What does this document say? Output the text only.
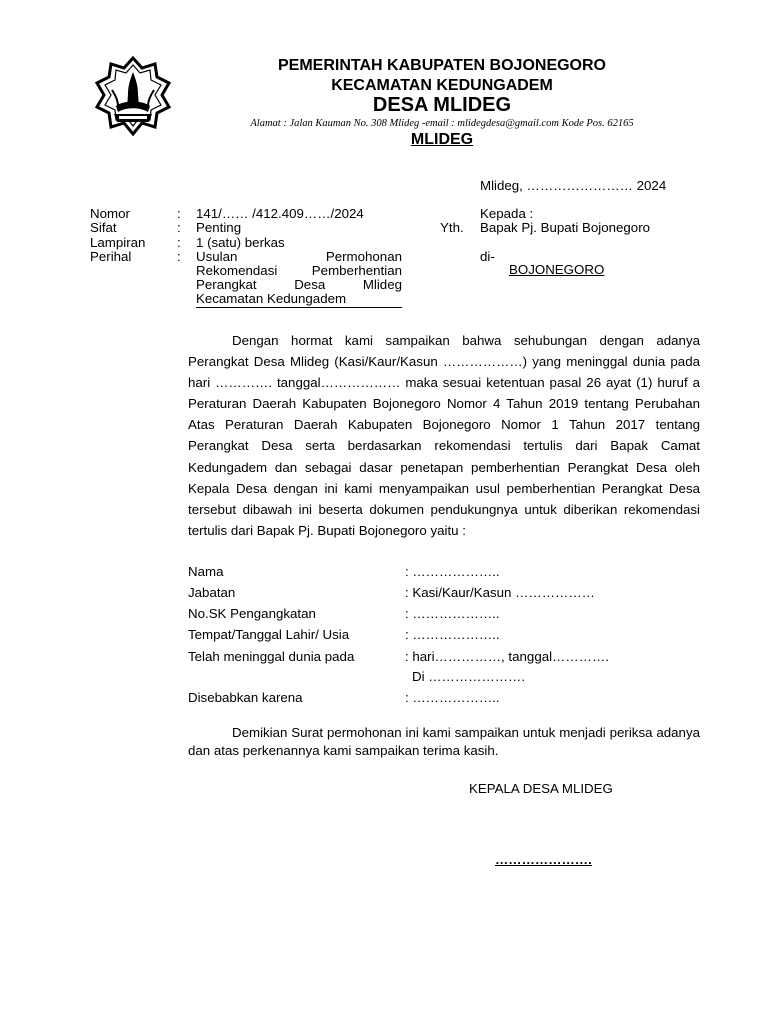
PEMERINTAH KABUPATEN BOJONEGORO
KECAMATAN KEDUNGADEM
DESA MLIDEG
Alamat : Jalan Kauman No. 308 Mlideg -email : mlidegdesa@gmail.com Kode Pos. 62165
MLIDEG
Mlideg, …………………… 2024
Nomor	: 141/…… /412.409……/2024
Sifat	: Penting
Lampiran : 1 (satu) berkas
Perihal	: Usulan Permohonan
Rekomendasi Pemberhentian
Perangkat Desa Mlideg
Kecamatan Kedungadem
Kepada :
Yth. Bapak Pj. Bupati Bojonegoro
di-
BOJONEGORO

Dengan hormat kami sampaikan bahwa sehubungan dengan adanya Perangkat Desa Mlideg (Kasi/Kaur/Kasun ………………) yang meninggal dunia pada hari …………. tanggal……………… maka sesuai ketentuan pasal 26 ayat (1) huruf a Peraturan Daerah Kabupaten Bojonegoro Nomor 4 Tahun 2019 tentang Perubahan Atas Peraturan Daerah Kabupaten Bojonegoro Nomor 1 Tahun 2017 tentang Perangkat Desa serta berdasarkan rekomendasi tertulis dari Bapak Camat Kedungadem dan sebagai dasar penetapan pemberhentian Perangkat Desa oleh Kepala Desa dengan ini kami menyampaikan usul pemberhentian Perangkat Desa tersebut dibawah ini beserta dokumen pendukungnya untuk diberikan rekomendasi tertulis dari Bapak Pj. Bupati Bojonegoro yaitu :

Nama	: ………………..
Jabatan	: Kasi/Kaur/Kasun ………………
No.SK Pengangkatan	: ………………..
Tempat/Tanggal Lahir/ Usia	: ………………..
Telah meninggal dunia pada	: hari……………, tanggal………….
Di ………………….
Disebabkan karena	: ………………..
Demikian Surat permohonan ini kami sampaikan untuk menjadi periksa adanya dan atas perkenannya kami sampaikan terima kasih.
KEPALA DESA MLIDEG
………………….
